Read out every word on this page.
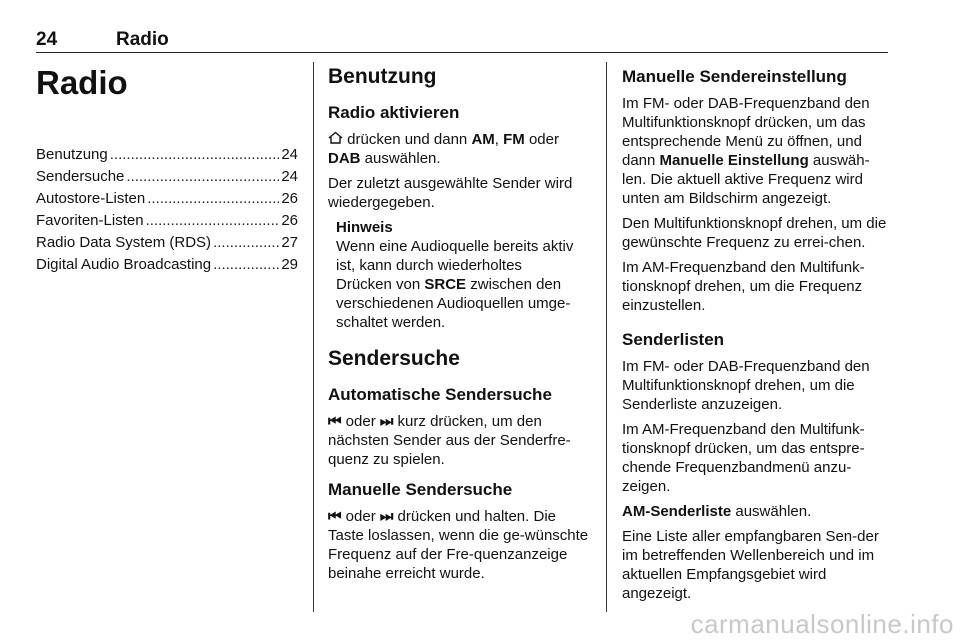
24	Radio
Radio
Benutzung .....	24
Sendersuche .....	24
Autostore-Listen .....	26
Favoriten-Listen .....	26
Radio Data System (RDS) .....	27
Digital Audio Broadcasting .....	29
Benutzung
Radio aktivieren

drücken und dann AM, FM oder
DAB auswählen.

Der zuletzt ausgewählte Sender wird wiedergegeben.

Hinweis

Wenn eine Audioquelle bereits aktiv ist, kann durch wiederholtes

Drücken von SRCE zwischen den verschiedenen Audioquellen umge-schaltet werden.

Sendersuche
Automatische Sendersuche

⏮ oder ⏭ kurz drücken, um den nächsten Sender aus der Senderfre-quenz zu spielen.

Manuelle Sendersuche

⏮ oder ⏭ drücken und halten. Die Taste loslassen, wenn die ge-wünschte Frequenz auf der Fre-quenzanzeige beinahe erreicht wurde.

Manuelle Sendereinstellung

Im FM- oder DAB-Frequenzband den Multifunktionsknopf drücken, um das entsprechende Menü zu öffnen, und dann Manuelle Einstellung auswäh-len. Die aktuell aktive Frequenz wird unten am Bildschirm angezeigt.

Den Multifunktionsknopf drehen, um die gewünschte Frequenz zu errei-chen.

Im AM-Frequenzband den Multifunk-tionsknopf drehen, um die Frequenz einzustellen.

Senderlisten

Im FM- oder DAB-Frequenzband den Multifunktionsknopf drehen, um die Senderliste anzuzeigen.

Im AM-Frequenzband den Multifunk-tionsknopf drücken, um das entspre-chende Frequenzbandmenü anzu-zeigen.

AM-Senderliste auswählen.

Eine Liste aller empfangbaren Sen-der im betreffenden Wellenbereich und im aktuellen Empfangsgebiet wird angezeigt.

carmanualsonline.info
